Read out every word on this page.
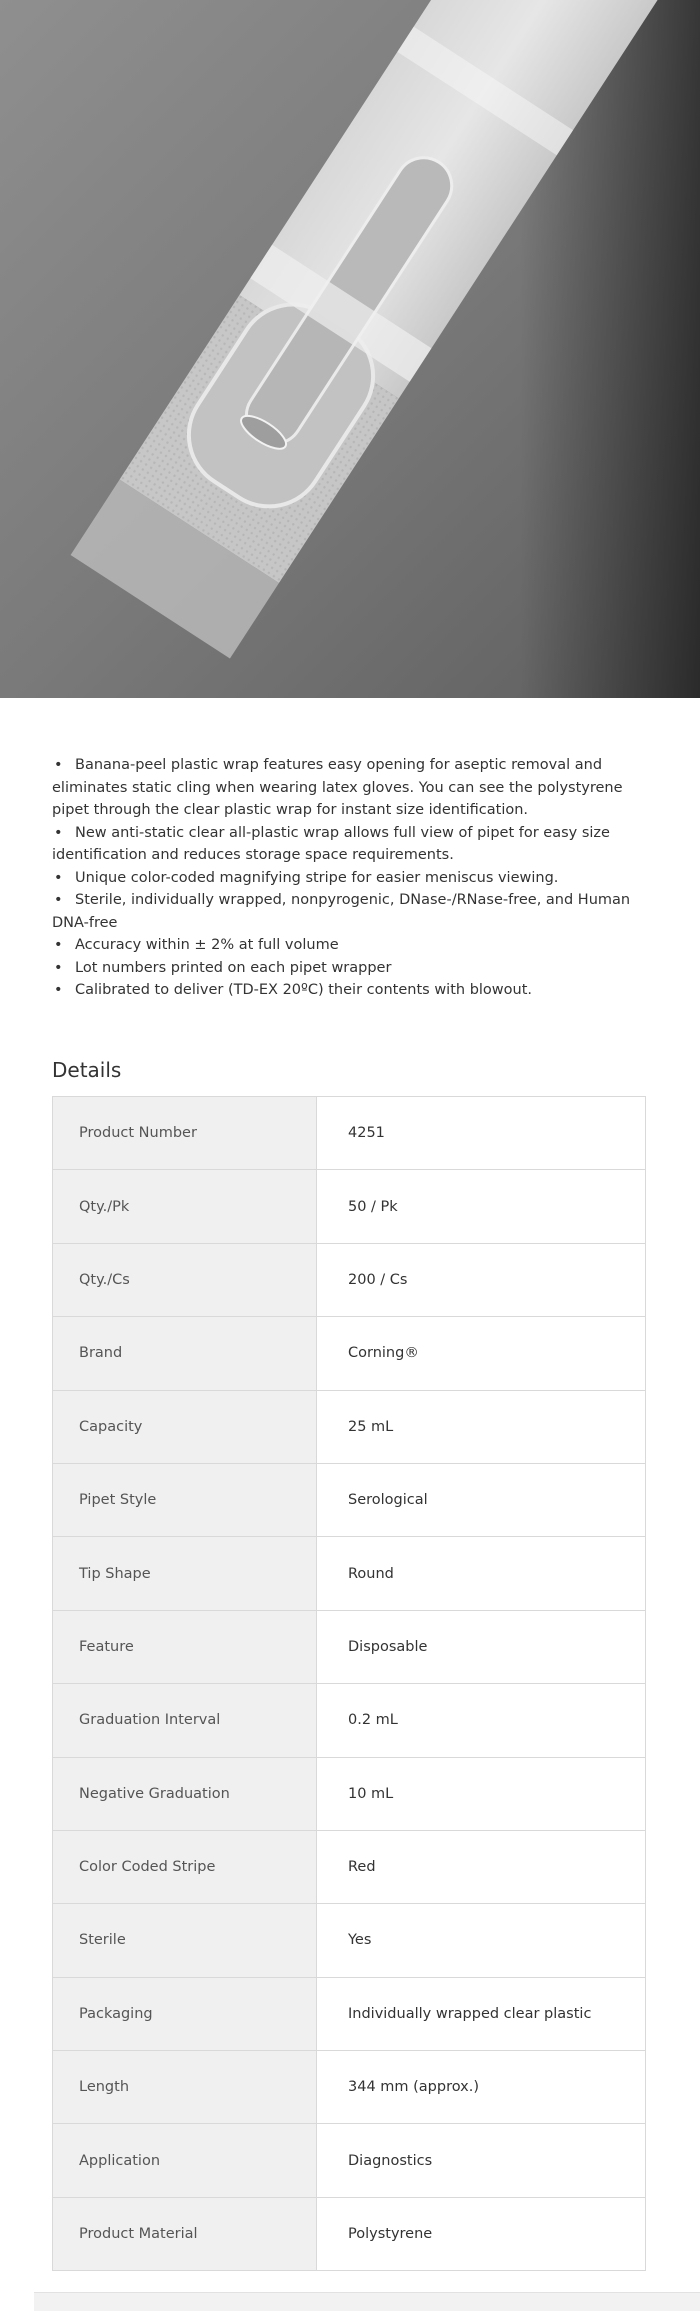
• Banana-peel plastic wrap features easy opening for aseptic removal and eliminates static cling when wearing latex gloves. You can see the polystyrene pipet through the clear plastic wrap for instant size identification.
• New anti-static clear all-plastic wrap allows full view of pipet for easy size identification and reduces storage space requirements.
• Unique color-coded magnifying stripe for easier meniscus viewing.
• Sterile, individually wrapped, nonpyrogenic, DNase-/RNase-free, and Human DNA-free
• Accuracy within ± 2% at full volume
• Lot numbers printed on each pipet wrapper
• Calibrated to deliver (TD-EX 20ºC) their contents with blowout.
Details
Product Number	4251
Qty./Pk	50 / Pk
Qty./Cs	200 / Cs
Brand	Corning®
Capacity	25 mL
Pipet Style	Serological
Tip Shape	Round
Feature	Disposable
Graduation Interval	0.2 mL
Negative Graduation	10 mL
Color Coded Stripe	Red
Sterile	Yes
Packaging	Individually wrapped clear plastic
Length	344 mm (approx.)
Application	Diagnostics
Product Material	Polystyrene
